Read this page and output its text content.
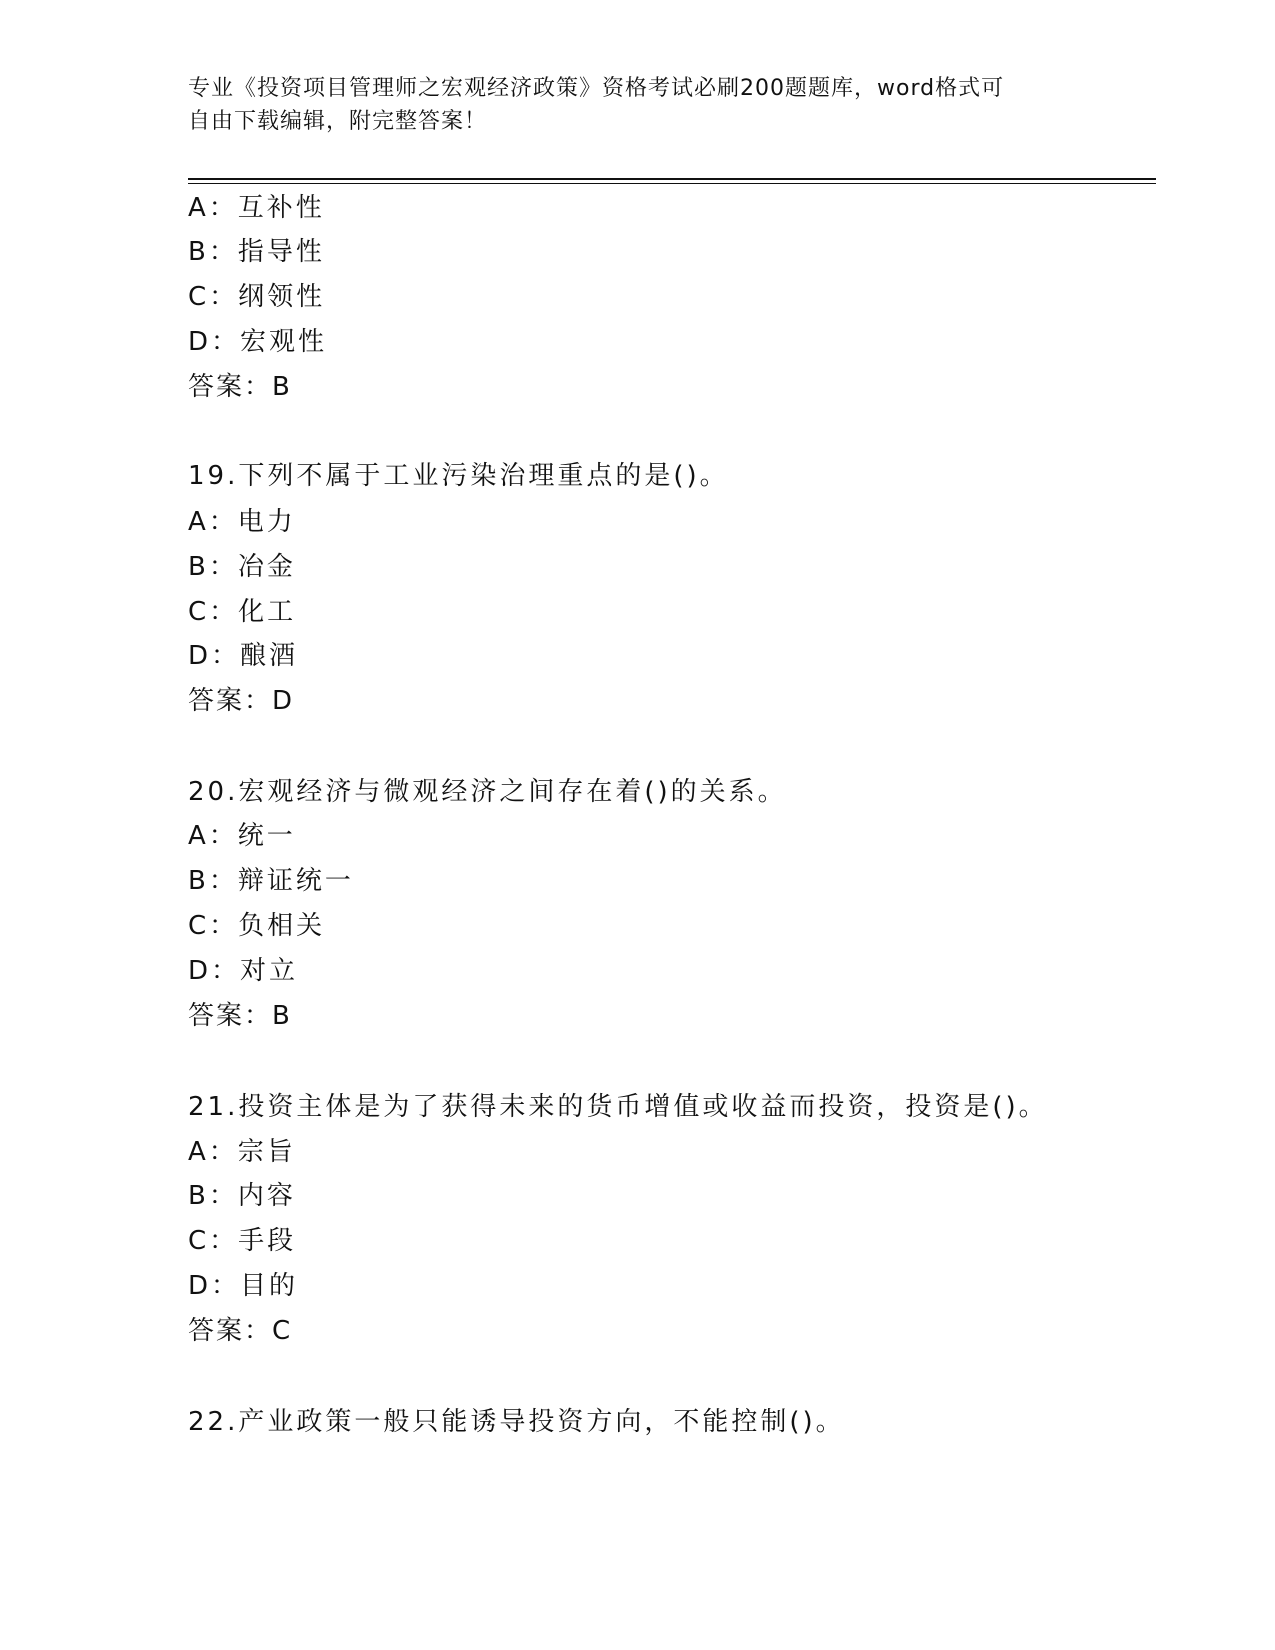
专业《投资项目管理师之宏观经济政策》资格考试必刷200题题库，word格式可
自由下载编辑，附完整答案！
A：互补性
B：指导性
C：纲领性
D：宏观性
答案：B
19.下列不属于工业污染治理重点的是()。
A：电力
B：冶金
C：化工
D：酿酒
答案：D
20.宏观经济与微观经济之间存在着()的关系。
A：统一
B：辩证统一
C：负相关
D：对立
答案：B
21.投资主体是为了获得未来的货币增值或收益而投资，投资是()。
A：宗旨
B：内容
C：手段
D：目的
答案：C
22.产业政策一般只能诱导投资方向，不能控制()。
